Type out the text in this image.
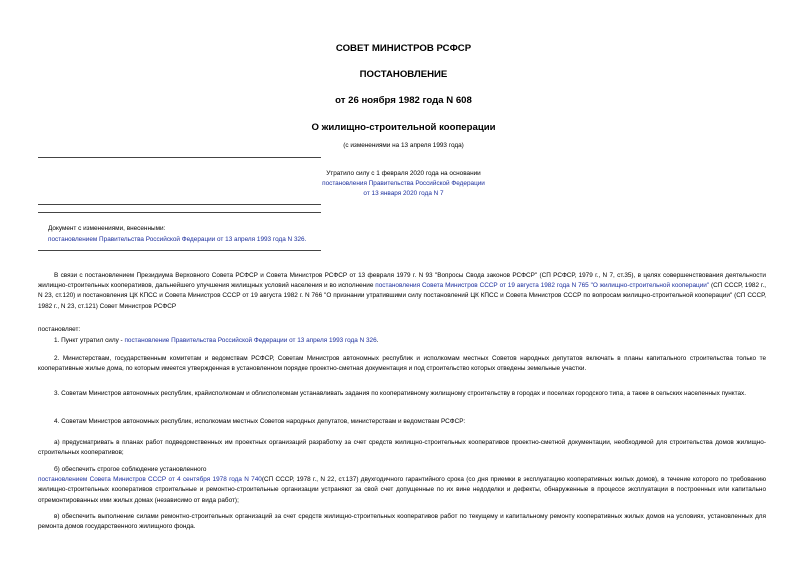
СОВЕТ МИНИСТРОВ РСФСР
ПОСТАНОВЛЕНИЕ
от 26 ноября 1982 года N 608
О жилищно-строительной кооперации
(с изменениями на 13 апреля 1993 года)
Утратило силу с 1 февраля 2020 года на основании
постановления Правительства Российской Федерации
от 13 января 2020 года N 7
Документ с изменениями, внесенными:
постановлением Правительства Российской Федерации от 13 апреля 1993 года N 326.
В связи с постановлением Президиума Верховного Совета РСФСР и Совета Министров РСФСР от 13 февраля 1979 г. N 93 "Вопросы Свода законов РСФСР" (СП РСФСР, 1979 г., N 7, ст.35), в целях совершенствования деятельности жилищно-строительных кооперативов, дальнейшего улучшения жилищных условий населения и во исполнение постановления Совета Министров СССР от 19 августа 1982 года N 765 "О жилищно-строительной кооперации" (СП СССР, 1982 г., N 23, ст.120) и постановления ЦК КПСС и Совета Министров СССР от 19 августа 1982 г. N 766 "О признании утратившими силу постановлений ЦК КПСС и Совета Министров СССР по вопросам жилищно-строительной кооперации" (СП СССР, 1982 г., N 23, ст.121) Совет Министров РСФСР
постановляет:
1. Пункт утратил силу - постановление Правительства Российской Федерации от 13 апреля 1993 года N 326.
2. Министерствам, государственным комитетам и ведомствам РСФСР, Советам Министров автономных республик и исполкомам местных Советов народных депутатов включать в планы капитального строительства только те кооперативные жилые дома, по которым имеется утвержденная в установленном порядке проектно-сметная документация и под строительство которых отведены земельные участки.
3. Советам Министров автономных республик, крайисполкомам и облисполкомам устанавливать задания по кооперативному жилищному строительству в городах и поселках городского типа, а также в сельских населенных пунктах.
4. Советам Министров автономных республик, исполкомам местных Советов народных депутатов, министерствам и ведомствам РСФСР:
а) предусматривать в планах работ подведомственных им проектных организаций разработку за счет средств жилищно-строительных кооперативов проектно-сметной документации, необходимой для строительства домов жилищно-строительных кооперативов;
б) обеспечить строгое соблюдение установленного
постановлением Совета Министров СССР от 4 сентября 1978 года N 740(СП СССР, 1978 г., N 22, ст.137) двухгодичного гарантийного срока (со дня приемки в эксплуатацию кооперативных жилых домов), в течение которого по требованию жилищно-строительных кооперативов строительные и ремонтно-строительные организации устраняют за свой счет допущенные по их вине недоделки и дефекты, обнаруженные в процессе эксплуатации в построенных или капитально отремонтированных ими жилых домах (независимо от вида работ);
в) обеспечить выполнение силами ремонтно-строительных организаций за счет средств жилищно-строительных кооперативов работ по текущему и капитальному ремонту кооперативных жилых домов на условиях, установленных для ремонта домов государственного жилищного фонда.
